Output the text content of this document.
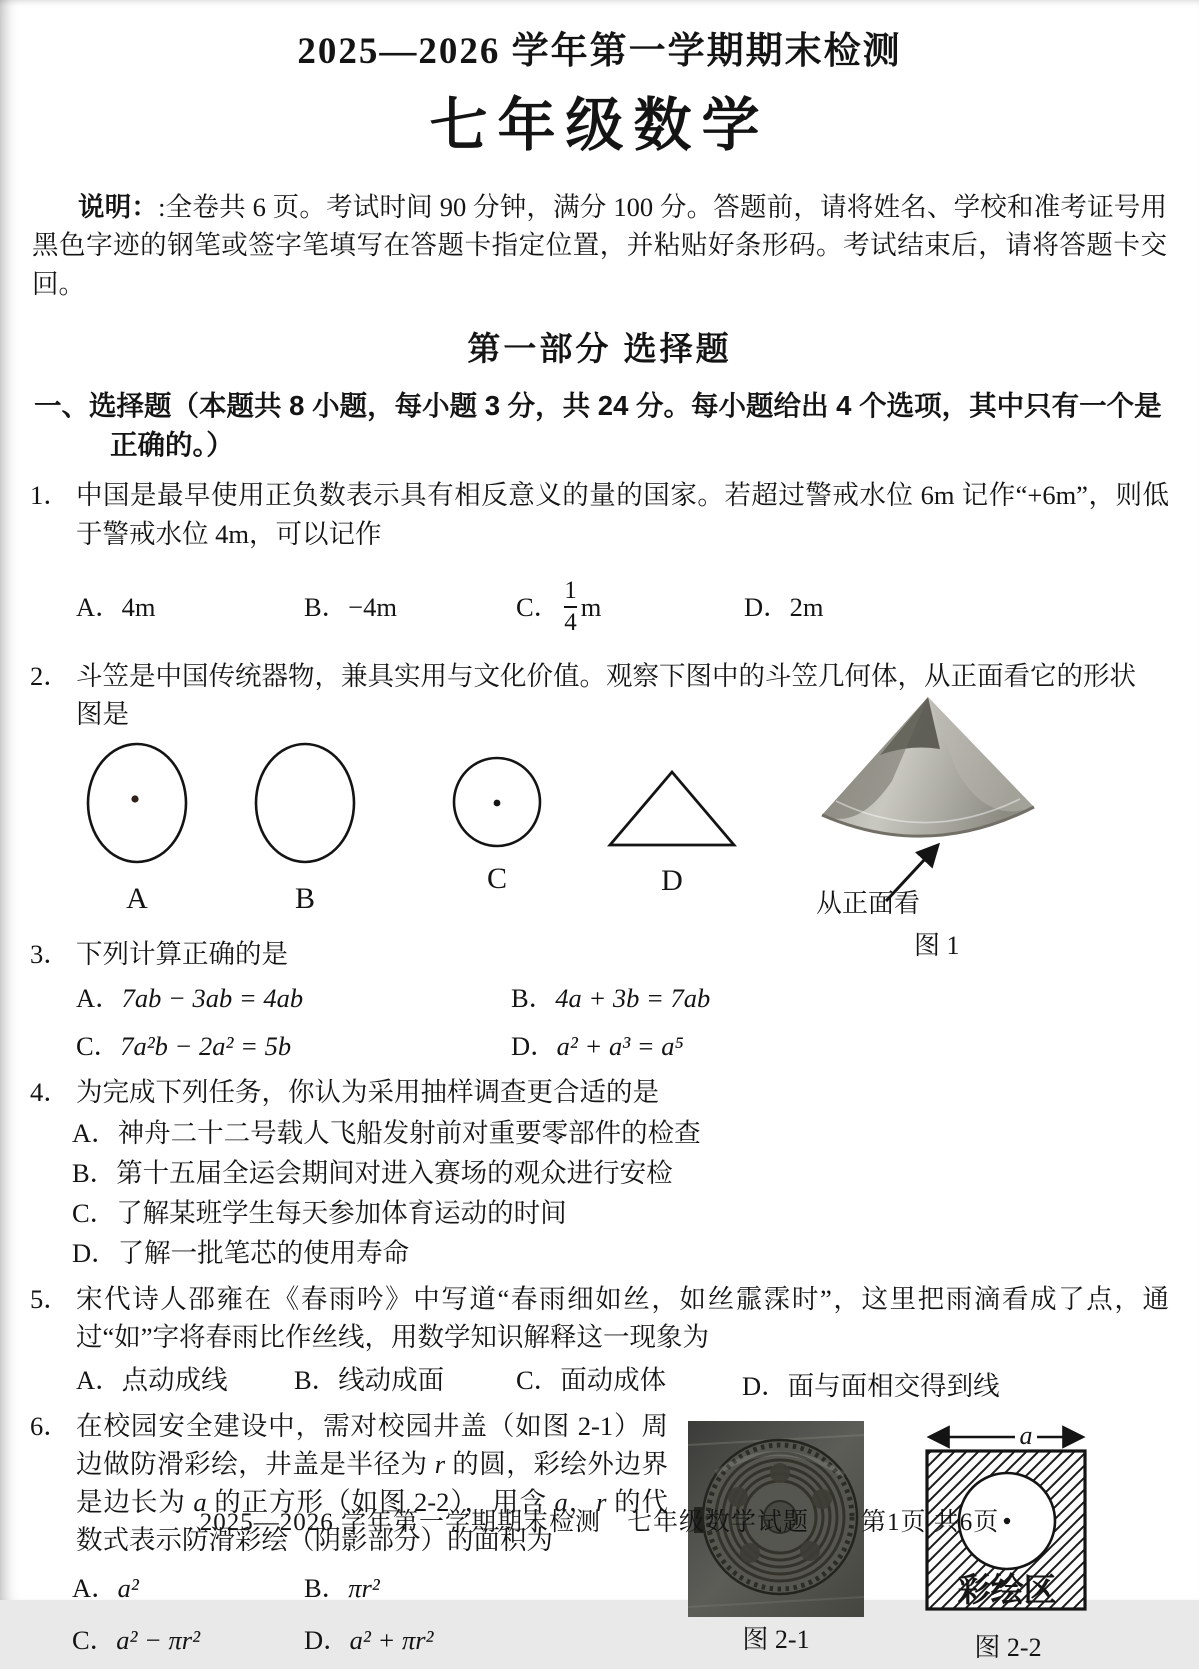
2025—2026 学年第一学期期末检测
七年级数学

说明：:全卷共 6 页。考试时间 90 分钟，满分 100 分。答题前，请将姓名、学校和准考证号用黑色字迹的钢笔或签字笔填写在答题卡指定位置，并粘贴好条形码。考试结束后，请将答题卡交回。

第一部分 选择题
一、选择题（本题共 8 小题，每小题 3 分，共 24 分。每小题给出 4 个选项，其中只有一个是正确的。）
1． 中国是最早使用正负数表示具有相反意义的量的国家。若超过警戒水位 6m 记作“+6m”，则低于警戒水位 4m，可以记作
A． 4m	B． −4m	C． $\frac{1}{4}$ m	D． 2m
2． 斗笠是中国传统器物，兼具实用与文化价值。观察下图中的斗笠几何体，从正面看它的形状图是
A	B
C	D
从正面看
图 1
3． 下列计算正确的是
A． 7ab − 3ab = 4ab	B． 4a + 3b = 7ab
C． 7a²b − 2a² = 5b	D． a² + a³ = a⁵
4． 为完成下列任务，你认为采用抽样调查更合适的是
A．神舟二十二号载人飞船发射前对重要零部件的检查
B．第十五届全运会期间对进入赛场的观众进行安检
C．了解某班学生每天参加体育运动的时间
D．了解一批笔芯的使用寿命
5． 宋代诗人邵雍在《春雨吟》中写道“春雨细如丝，如丝霢霂时”，这里把雨滴看成了点，通过“如”字将春雨比作丝线，用数学知识解释这一现象为
A． 点动成线	B． 线动成面	C． 面动成体	D． 面与面相交得到线
6． 在校园安全建设中，需对校园井盖（如图 2-1）周边做防滑彩绘，井盖是半径为 r 的圆，彩绘外边界是边长为 a 的正方形（如图 2-2），用含 a，r 的代数式表示防滑彩绘（阴影部分）的面积为
A． a²	B． πr²
C． a² − πr²	D． a² + πr²	图 2-1
a
彩绘区
图 2-2
2025—2026 学年第一学期期末检测　七年级数学试题　　第1页 共6页
